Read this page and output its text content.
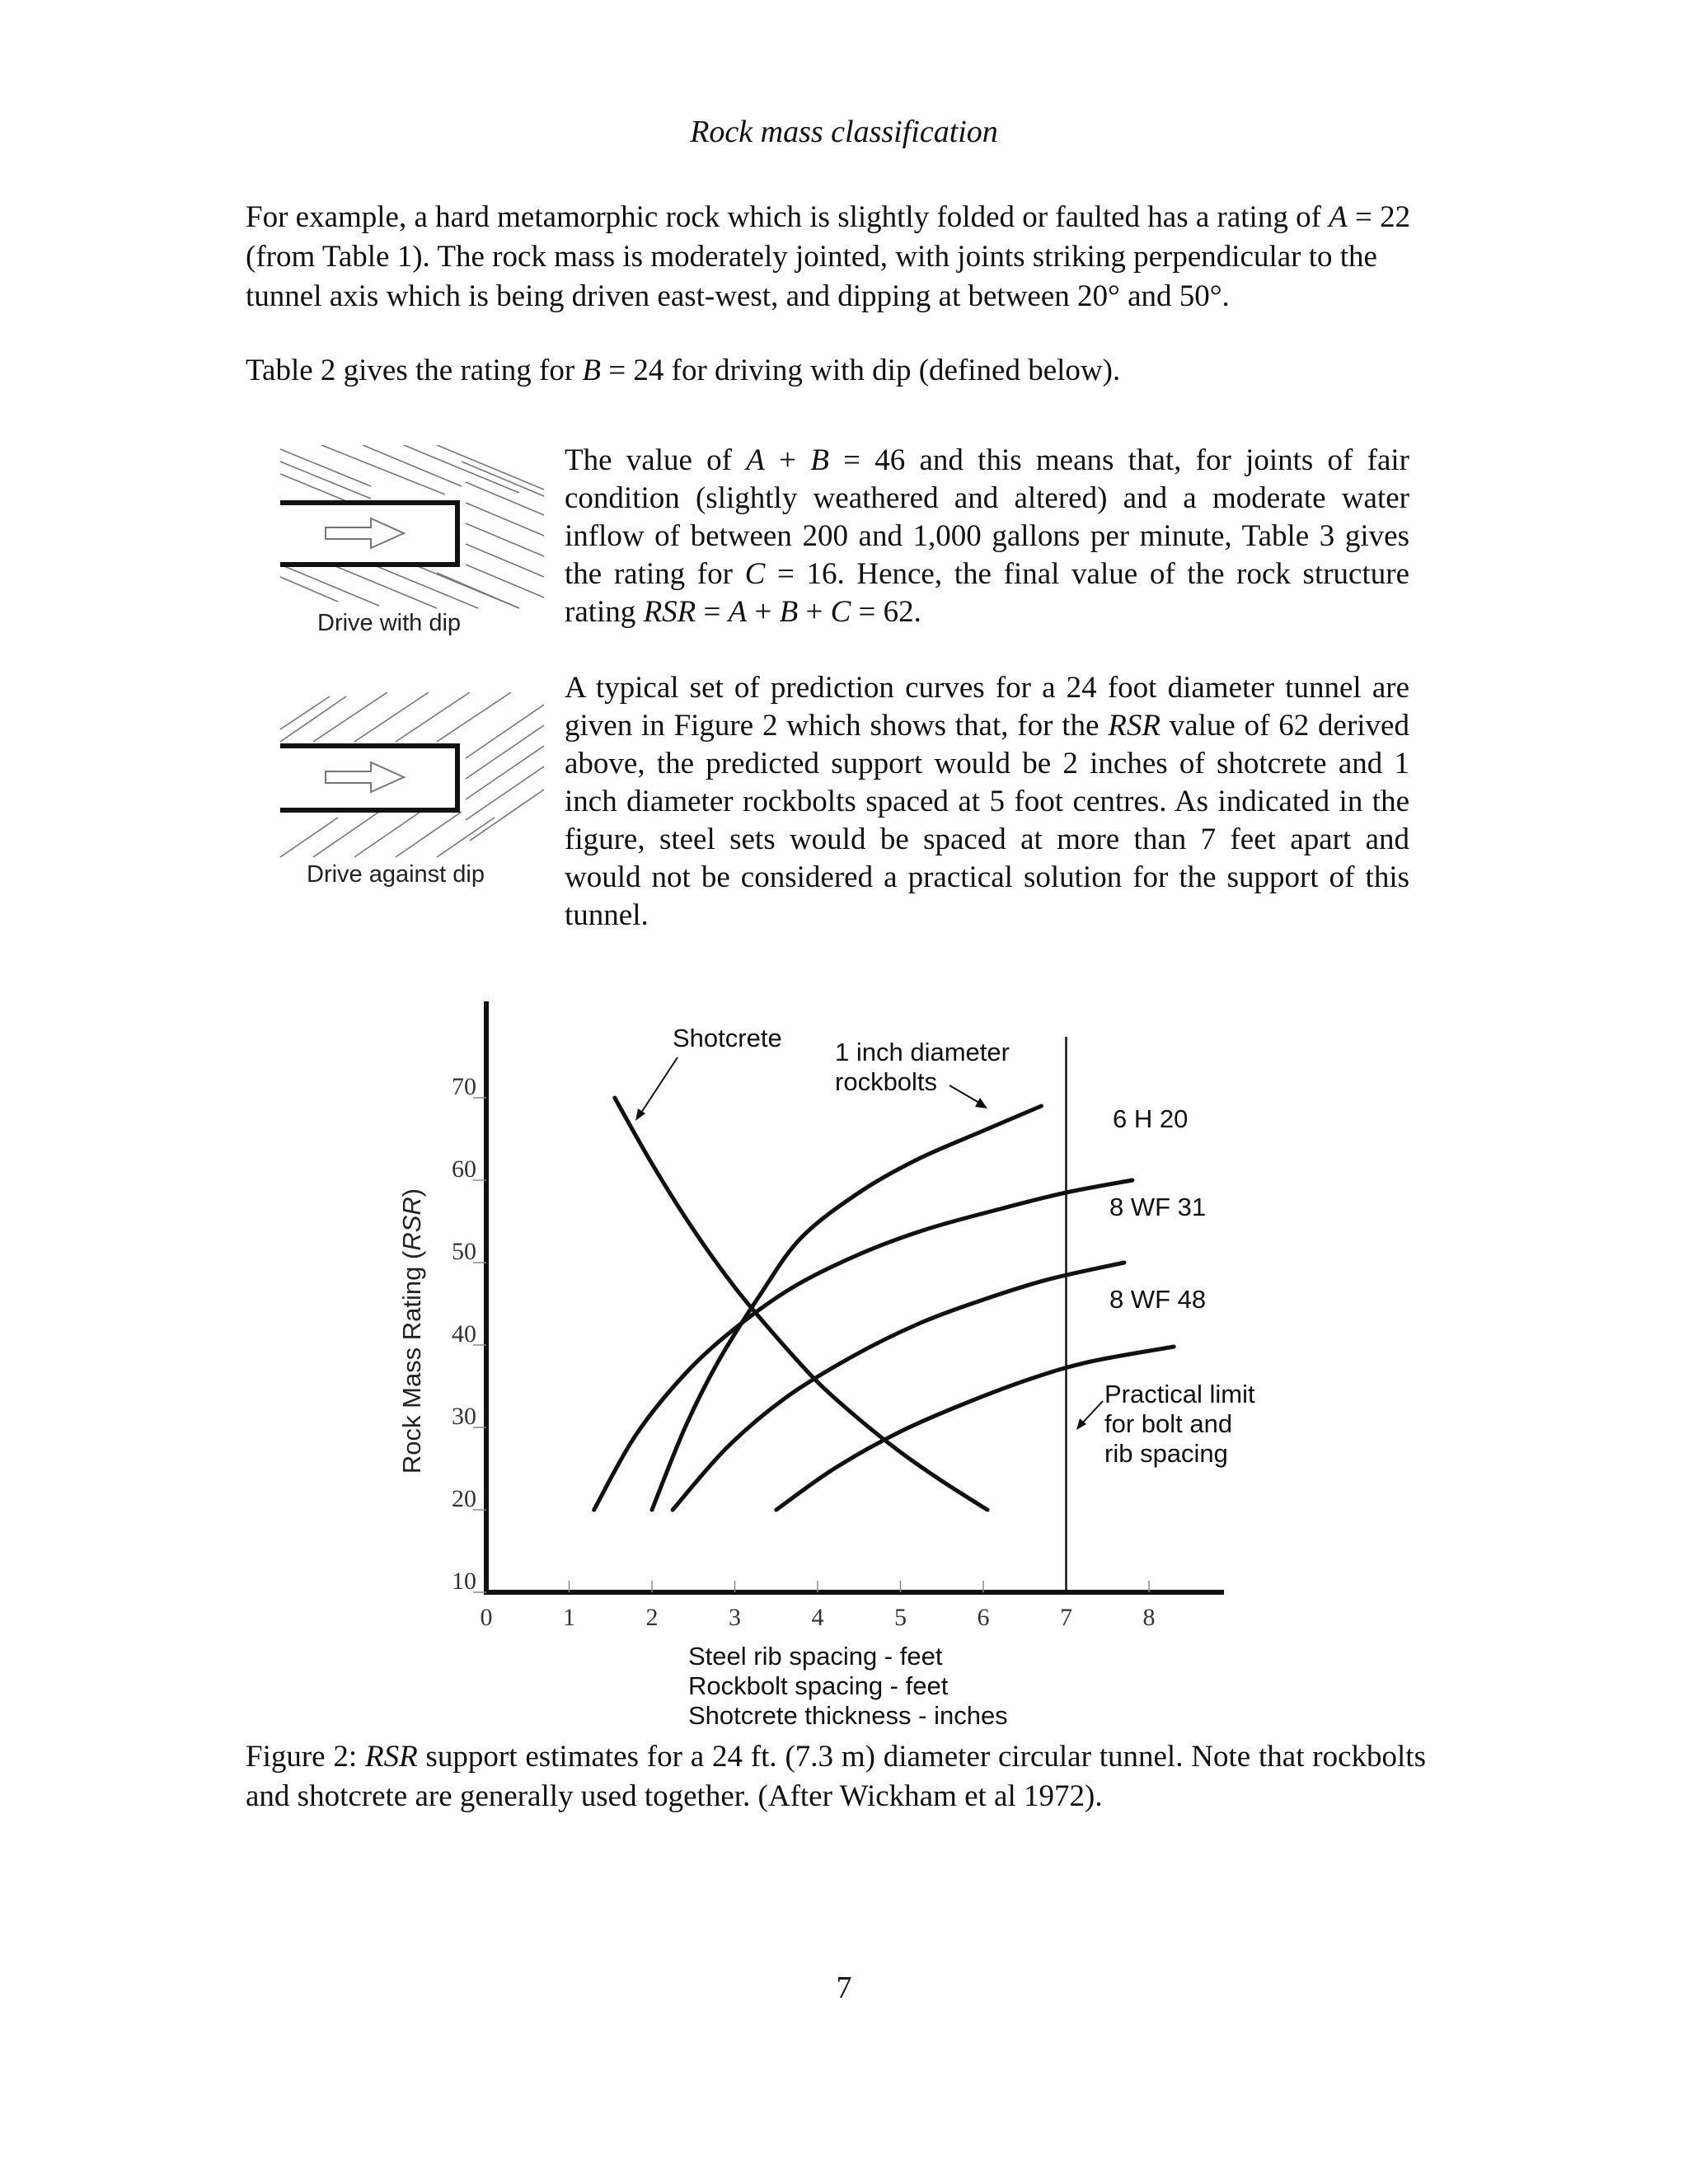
Rock mass classification

For example, a hard metamorphic rock which is slightly folded or faulted has a rating of A = 22 (from Table 1). The rock mass is moderately jointed, with joints striking perpendicular to the tunnel axis which is being driven east-west, and dipping at between 20° and 50°.

Table 2 gives the rating for B = 24 for driving with dip (defined below).

Drive with dip
Drive against dip

The value of A + B = 46 and this means that, for joints of fair condition (slightly weathered and altered) and a moderate water inflow of between 200 and 1,000 gallons per minute, Table 3 gives the rating for C = 16. Hence, the final value of the rock structure rating RSR = A + B + C = 62.

A typical set of prediction curves for a 24 foot diameter tunnel are given in Figure 2 which shows that, for the RSR value of 62 derived above, the predicted support would be 2 inches of shotcrete and 1 inch diameter rockbolts spaced at 5 foot centres. As indicated in the figure, steel sets would be spaced at more than 7 feet apart and would not be considered a practical solution for the support of this tunnel.

Rock Mass Rating (RSR)
10
20
30
40
50
60
70
0	1	2	3	4	5	6	7	8
Shotcrete 1 inch diameter
rockbolts
6 H 20
8 WF 31
8 WF 48
Practical limit
for bolt and
rib spacing
Steel rib spacing - feet
Rockbolt spacing - feet
Shotcrete thickness - inches

Figure 2: RSR support estimates for a 24 ft. (7.3 m) diameter circular tunnel. Note that rockbolts and shotcrete are generally used together. (After Wickham et al 1972).

7
